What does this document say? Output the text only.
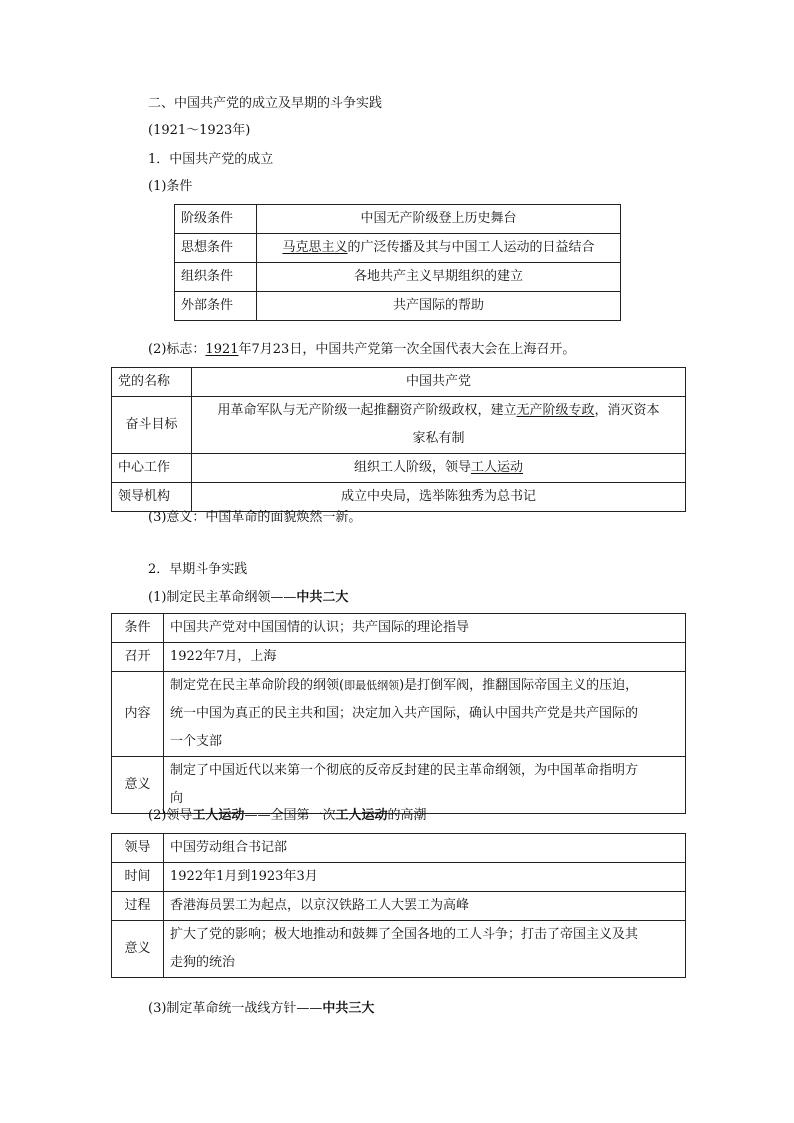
二、中国共产党的成立及早期的斗争实践
(1921～1923年)
1．中国共产党的成立
(1)条件
阶级条件	中国无产阶级登上历史舞台
思想条件	马克思主义的广泛传播及其与中国工人运动的日益结合
组织条件	各地共产主义早期组织的建立
外部条件	共产国际的帮助
(2)标志：1921年7月23日，中国共产党第一次全国代表大会在上海召开。
党的名称	中国共产党
奋斗目标	用革命军队与无产阶级一起推翻资产阶级政权，建立无产阶级专政，消灭资本
家私有制

中心工作	组织工人阶级，领导工人运动
领导机构	成立中央局，选举陈独秀为总书记
(3)意义：中国革命的面貌焕然一新。
2．早期斗争实践
(1)制定民主革命纲领——中共二大
条件	中国共产党对中国国情的认识；共产国际的理论指导
召开	1922年7月，上海
内容	制定党在民主革命阶段的纲领(即最低纲领)是打倒军阀，推翻国际帝国主义的压迫，
统一中国为真正的民主共和国；决定加入共产国际，确认中国共产党是共产国际的
一个支部

意义	制定了中国近代以来第一个彻底的反帝反封建的民主革命纲领，为中国革命指明方
向
(2)领导工人运动——全国第一次工人运动的高潮
领导	中国劳动组合书记部
时间	1922年1月到1923年3月
过程	香港海员罢工为起点，以京汉铁路工人大罢工为高峰
意义	扩大了党的影响；极大地推动和鼓舞了全国各地的工人斗争；打击了帝国主义及其
走狗的统治
(3)制定革命统一战线方针——中共三大
